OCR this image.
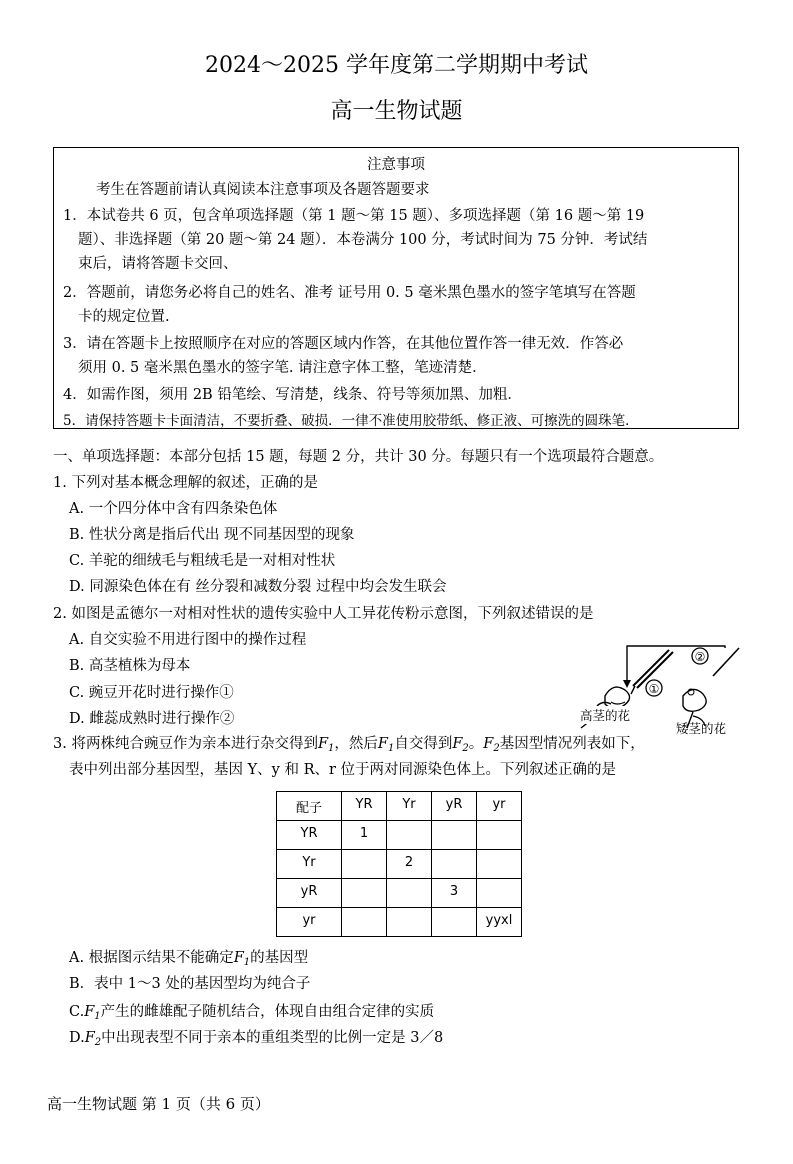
2024～2025 学年度第二学期期中考试
高一生物试题
注意事项
考生在答题前请认真阅读本注意事项及各题答题要求
1．本试卷共 6 页，包含单项选择题（第 1 题～第 15 题）、多项选择题（第 16 题～第 19
题）、非选择题（第 20 题～第 24 题）．本卷满分 100 分，考试时间为 75 分钟．考试结
束后，请将答题卡交回、
2．答题前，请您务必将自己的姓名、准考 证号用 0. 5 毫米黑色墨水的签字笔填写在答题
卡的规定位置.
3．请在答题卡上按照顺序在对应的答题区域内作答，在其他位置作答一律无效．作答必
须用 0. 5 毫米黑色墨水的签字笔. 请注意字体工整，笔迹清楚．
4．如需作图，须用 2B 铅笔绘、写清楚，线条、符号等须加黑、加粗．
5．请保持答题卡卡面清洁，不要折叠、破损．一律不准使用胶带纸、修正液、可擦洗的圆珠笔．
一、单项选择题：本部分包括 15 题，每题 2 分，共计 30 分。每题只有一个选项最符合题意。
1. 下列对基本概念理解的叙述，正确的是
A. 一个四分体中含有四条染色体
B. 性状分离是指后代出 现不同基因型的现象
C. 羊驼的细绒毛与粗绒毛是一对相对性状
D. 同源染色体在有 丝分裂和减数分裂 过程中均会发生联会
2. 如图是孟德尔一对相对性状的遗传实验中人工异花传粉示意图，下列叙述错误的是
A. 自交实验不用进行图中的操作过程
B. 高茎植株为母本
C. 豌豆开花时进行操作①
D. 雌蕊成熟时进行操作②
①
②
高茎的花
矮茎的花
3. 将两株纯合豌豆作为亲本进行杂交得到$F_1$，然后$F_1$自交得到$F_2$。$F_2$基因型情况列表如下，
表中列出部分基因型，基因 Y、y 和 R、r 位于两对同源染色体上。下列叙述正确的是
配子	YR	Yr	yR	yr
YR	1			
Yr		2		
yR			3	
yr				yyxl
A. 根据图示结果不能确定$F_1$的基因型
B．表中 1～3 处的基因型均为纯合子
$C.F_1$产生的雌雄配子随机结合，体现自由组合定律的实质
$D.F_2$中出现表型不同于亲本的重组类型的比例一定是 3／8
高一生物试题 第 1 页（共 6 页）
